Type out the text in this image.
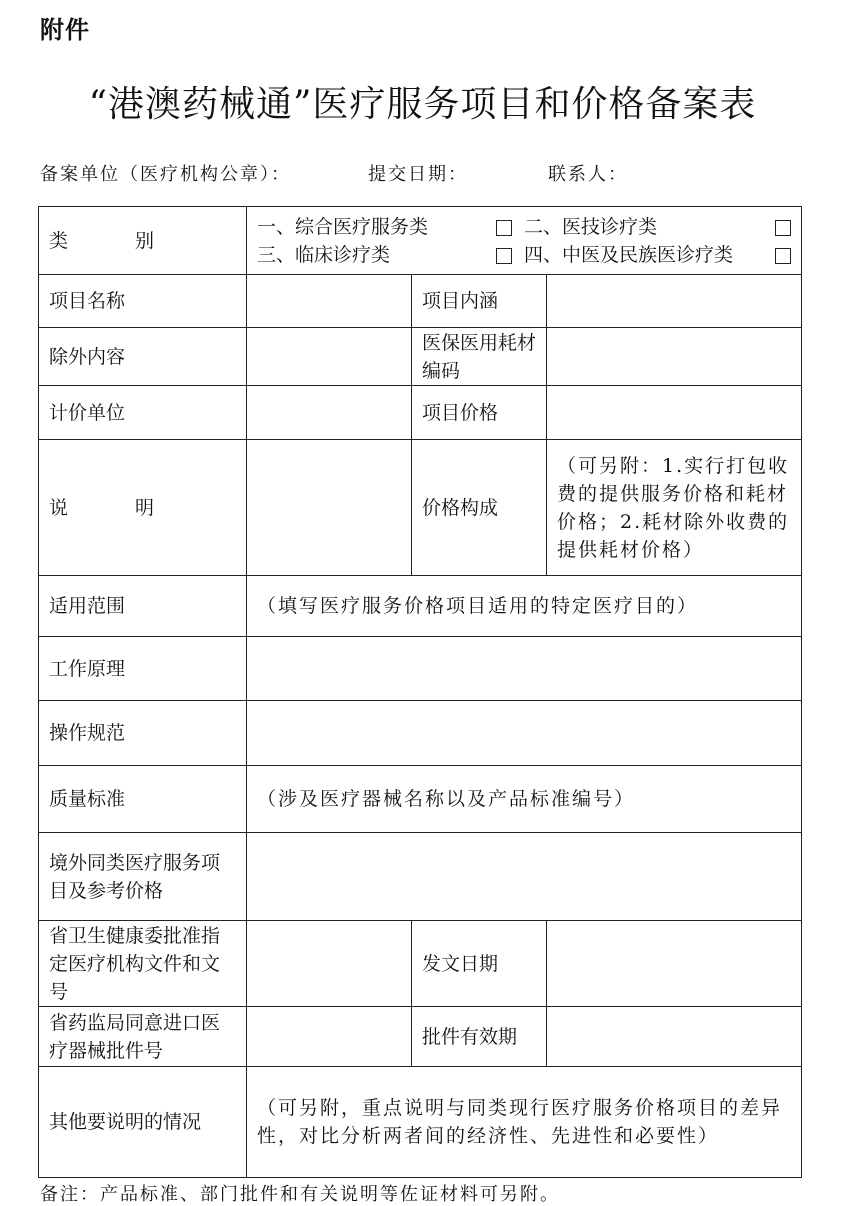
附件
“港澳药械通”医疗服务项目和价格备案表
备案单位（医疗机构公章）：	提交日期：	联系人：
类　别	一、综合医疗服务类 二、医技诊疗类
三、临床诊疗类 四、中医及民族医诊疗类		

项目名称		项目内涵	
除外内容		医保医用耗材编码	
计价单位		项目价格	
说　明		价格构成	（可另附：1.实行打包收费的提供服务价格和耗材价格；2.耗材除外收费的提供耗材价格）
适用范围	（填写医疗服务价格项目适用的特定医疗目的）		
工作原理			
操作规范			
质量标准	（涉及医疗器械名称以及产品标准编号）		
境外同类医疗服务项目及参考价格			
省卫生健康委批准指定医疗机构文件和文号		发文日期	
省药监局同意进口医疗器械批件号		批件有效期	
其他要说明的情况	（可另附，重点说明与同类现行医疗服务价格项目的差异性，对比分析两者间的经济性、先进性和必要性）		
备注：产品标准、部门批件和有关说明等佐证材料可另附。
